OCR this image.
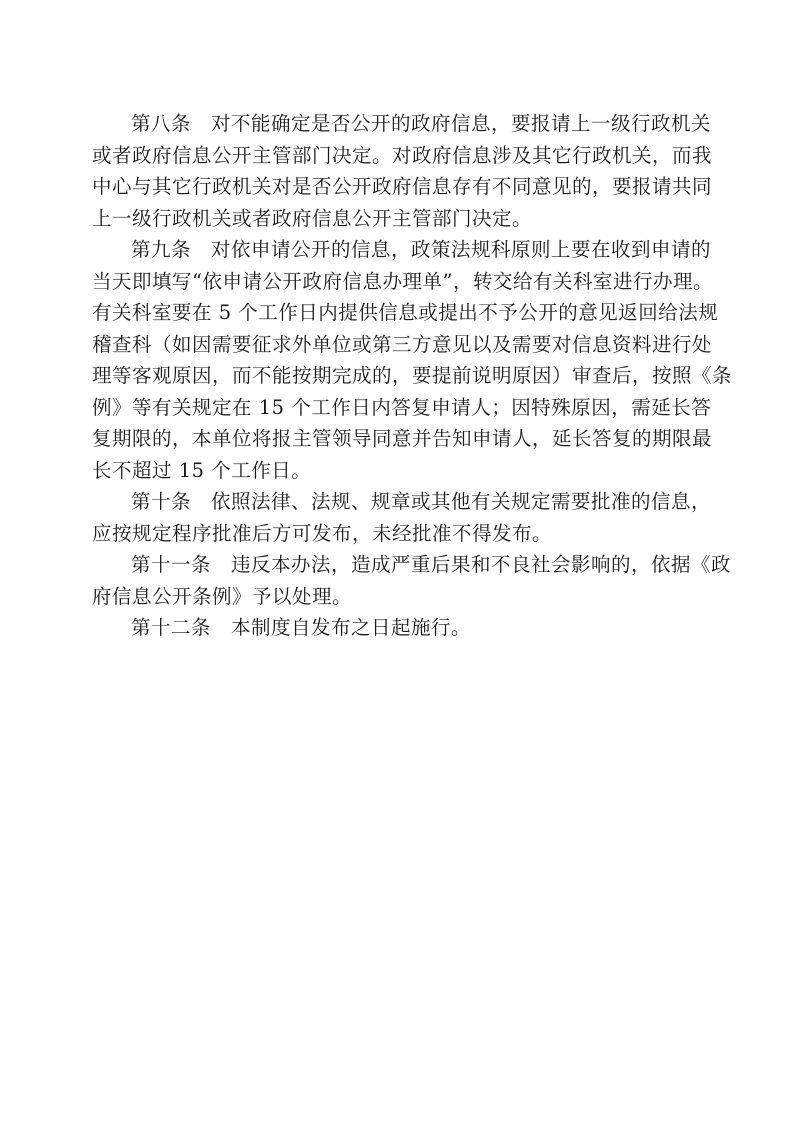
第八条　对不能确定是否公开的政府信息，要报请上一级行政机关
或者政府信息公开主管部门决定。对政府信息涉及其它行政机关，而我
中心与其它行政机关对是否公开政府信息存有不同意见的，要报请共同
上一级行政机关或者政府信息公开主管部门决定。
第九条　对依申请公开的信息，政策法规科原则上要在收到申请的
当天即填写“依申请公开政府信息办理单”，转交给有关科室进行办理。
有关科室要在 5 个工作日内提供信息或提出不予公开的意见返回给法规
稽查科（如因需要征求外单位或第三方意见以及需要对信息资料进行处
理等客观原因，而不能按期完成的，要提前说明原因）审查后，按照《条
例》等有关规定在 15 个工作日内答复申请人；因特殊原因，需延长答
复期限的，本单位将报主管领导同意并告知申请人，延长答复的期限最
长不超过 15 个工作日。
第十条　依照法律、法规、规章或其他有关规定需要批准的信息，
应按规定程序批准后方可发布，未经批准不得发布。
第十一条　违反本办法，造成严重后果和不良社会影响的，依据《政
府信息公开条例》予以处理。
第十二条　本制度自发布之日起施行。
